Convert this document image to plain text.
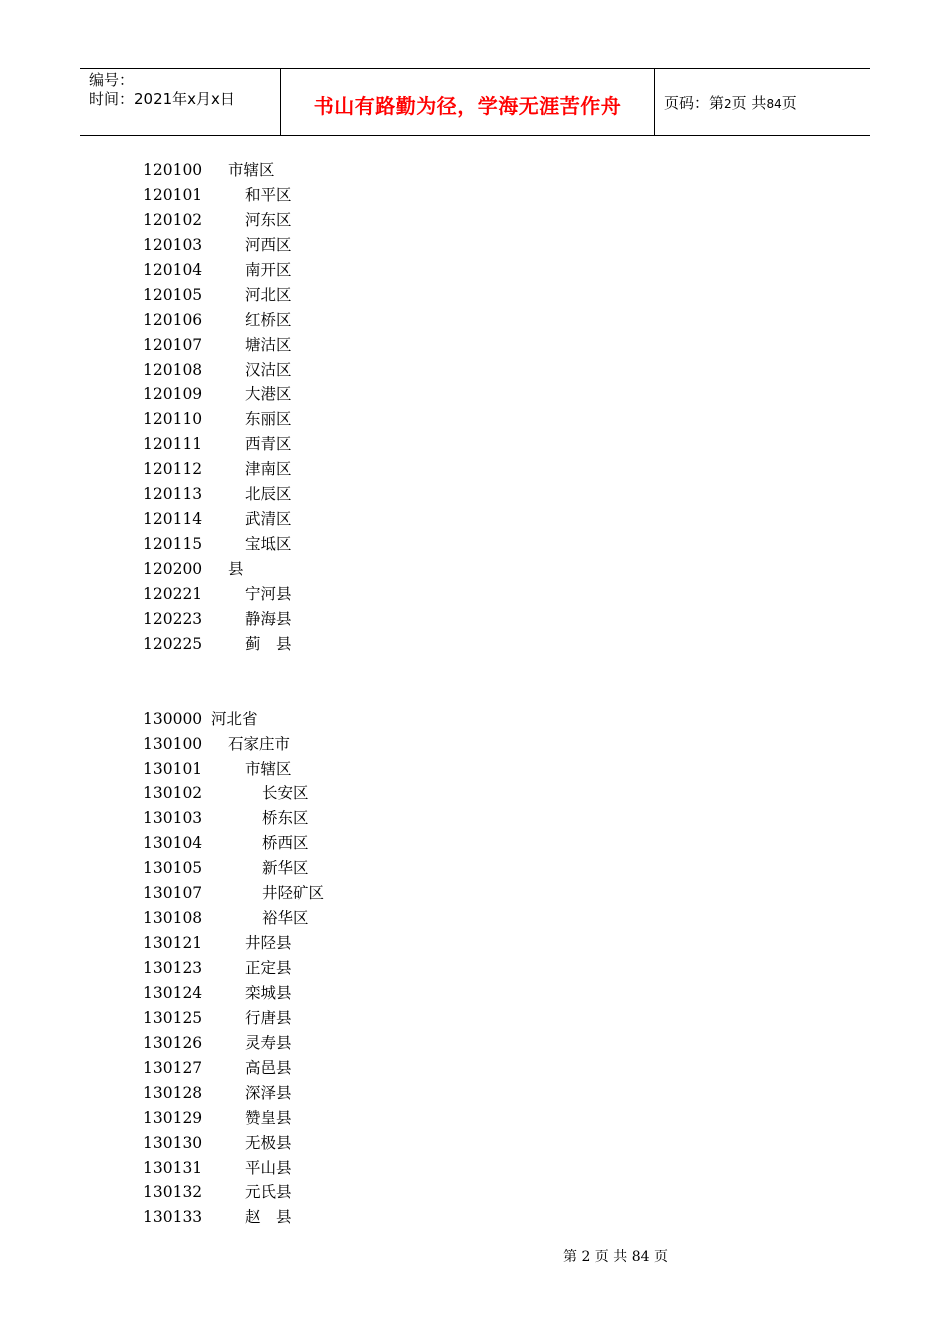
编号：
时间：2021年x月x日	书山有路勤为径，学海无涯苦作舟	页码：第2页 共84页
120100 市辖区
120101	和平区
120102	河东区
120103	河西区
120104	南开区
120105	河北区
120106	红桥区
120107	塘沽区
120108	汉沽区
120109	大港区
120110	东丽区
120111	西青区
120112	津南区
120113	北辰区
120114	武清区
120115	宝坻区
120200 县
120221	宁河县
120223	静海县
120225	蓟　县
130000 河北省
130100 石家庄市
130101	市辖区
130102	长安区
130103	桥东区
130104	桥西区
130105	新华区
130107	井陉矿区
130108	裕华区
130121	井陉县
130123	正定县
130124	栾城县
130125	行唐县
130126	灵寿县
130127	高邑县
130128	深泽县
130129	赞皇县
130130	无极县
130131	平山县
130132	元氏县
130133	赵　县
第 2 页 共 84 页
